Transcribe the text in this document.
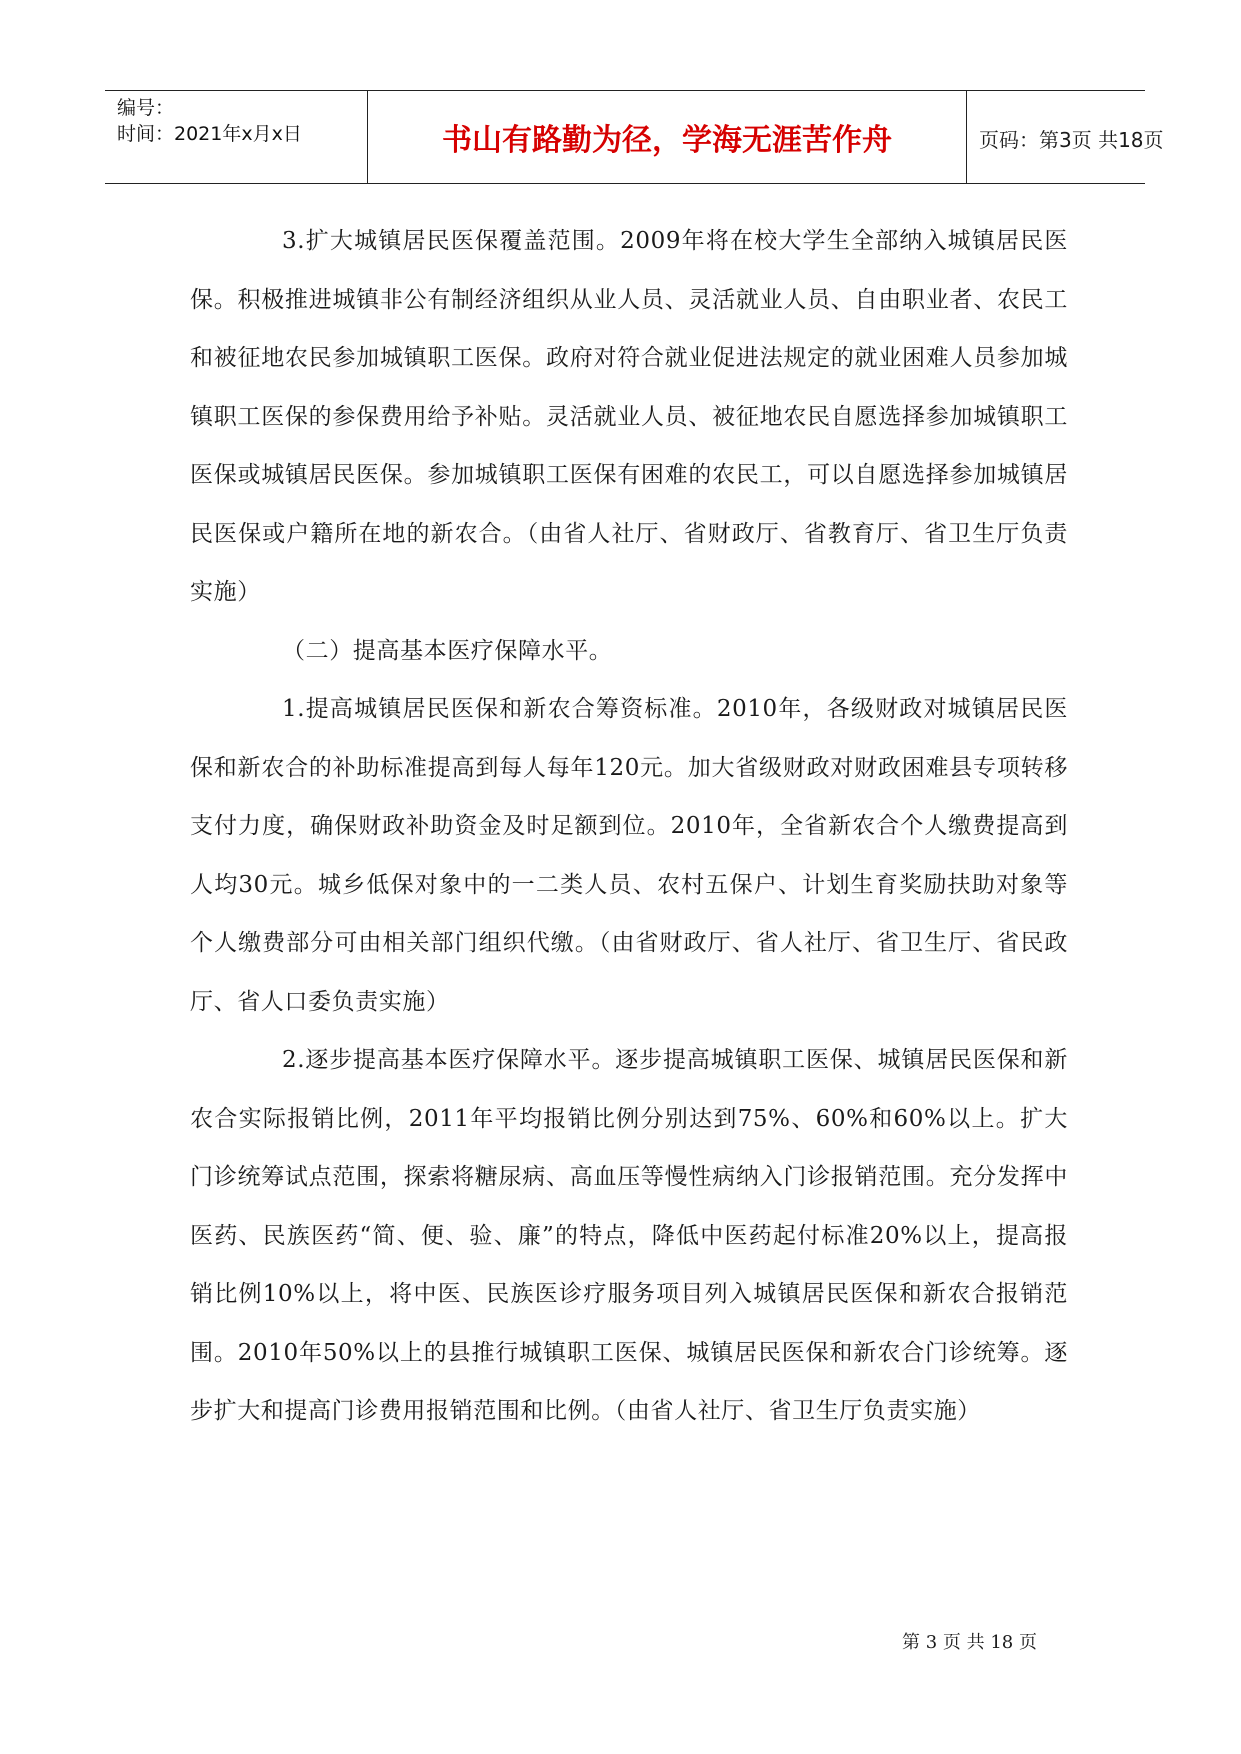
编号：
时间：2021年x月x日	书山有路勤为径，学海无涯苦作舟	页码：第3页 共18页

3.扩大城镇居民医保覆盖范围。2009年将在校大学生全部纳入城镇居民医保。积极推进城镇非公有制经济组织从业人员、灵活就业人员、自由职业者、农民工和被征地农民参加城镇职工医保。政府对符合就业促进法规定的就业困难人员参加城镇职工医保的参保费用给予补贴。灵活就业人员、被征地农民自愿选择参加城镇职工医保或城镇居民医保。参加城镇职工医保有困难的农民工，可以自愿选择参加城镇居民医保或户籍所在地的新农合。（由省人社厅、省财政厅、省教育厅、省卫生厅负责实施）

（二）提高基本医疗保障水平。

1.提高城镇居民医保和新农合筹资标准。2010年，各级财政对城镇居民医保和新农合的补助标准提高到每人每年120元。加大省级财政对财政困难县专项转移支付力度，确保财政补助资金及时足额到位。2010年，全省新农合个人缴费提高到人均30元。城乡低保对象中的一二类人员、农村五保户、计划生育奖励扶助对象等个人缴费部分可由相关部门组织代缴。（由省财政厅、省人社厅、省卫生厅、省民政厅、省人口委负责实施）

2.逐步提高基本医疗保障水平。逐步提高城镇职工医保、城镇居民医保和新农合实际报销比例，2011年平均报销比例分别达到75%、60%和60%以上。扩大门诊统筹试点范围，探索将糖尿病、高血压等慢性病纳入门诊报销范围。充分发挥中医药、民族医药“简、便、验、廉”的特点，降低中医药起付标准20%以上，提高报销比例10%以上，将中医、民族医诊疗服务项目列入城镇居民医保和新农合报销范围。2010年50%以上的县推行城镇职工医保、城镇居民医保和新农合门诊统筹。逐步扩大和提高门诊费用报销范围和比例。（由省人社厅、省卫生厅负责实施）

第 3 页 共 18 页
